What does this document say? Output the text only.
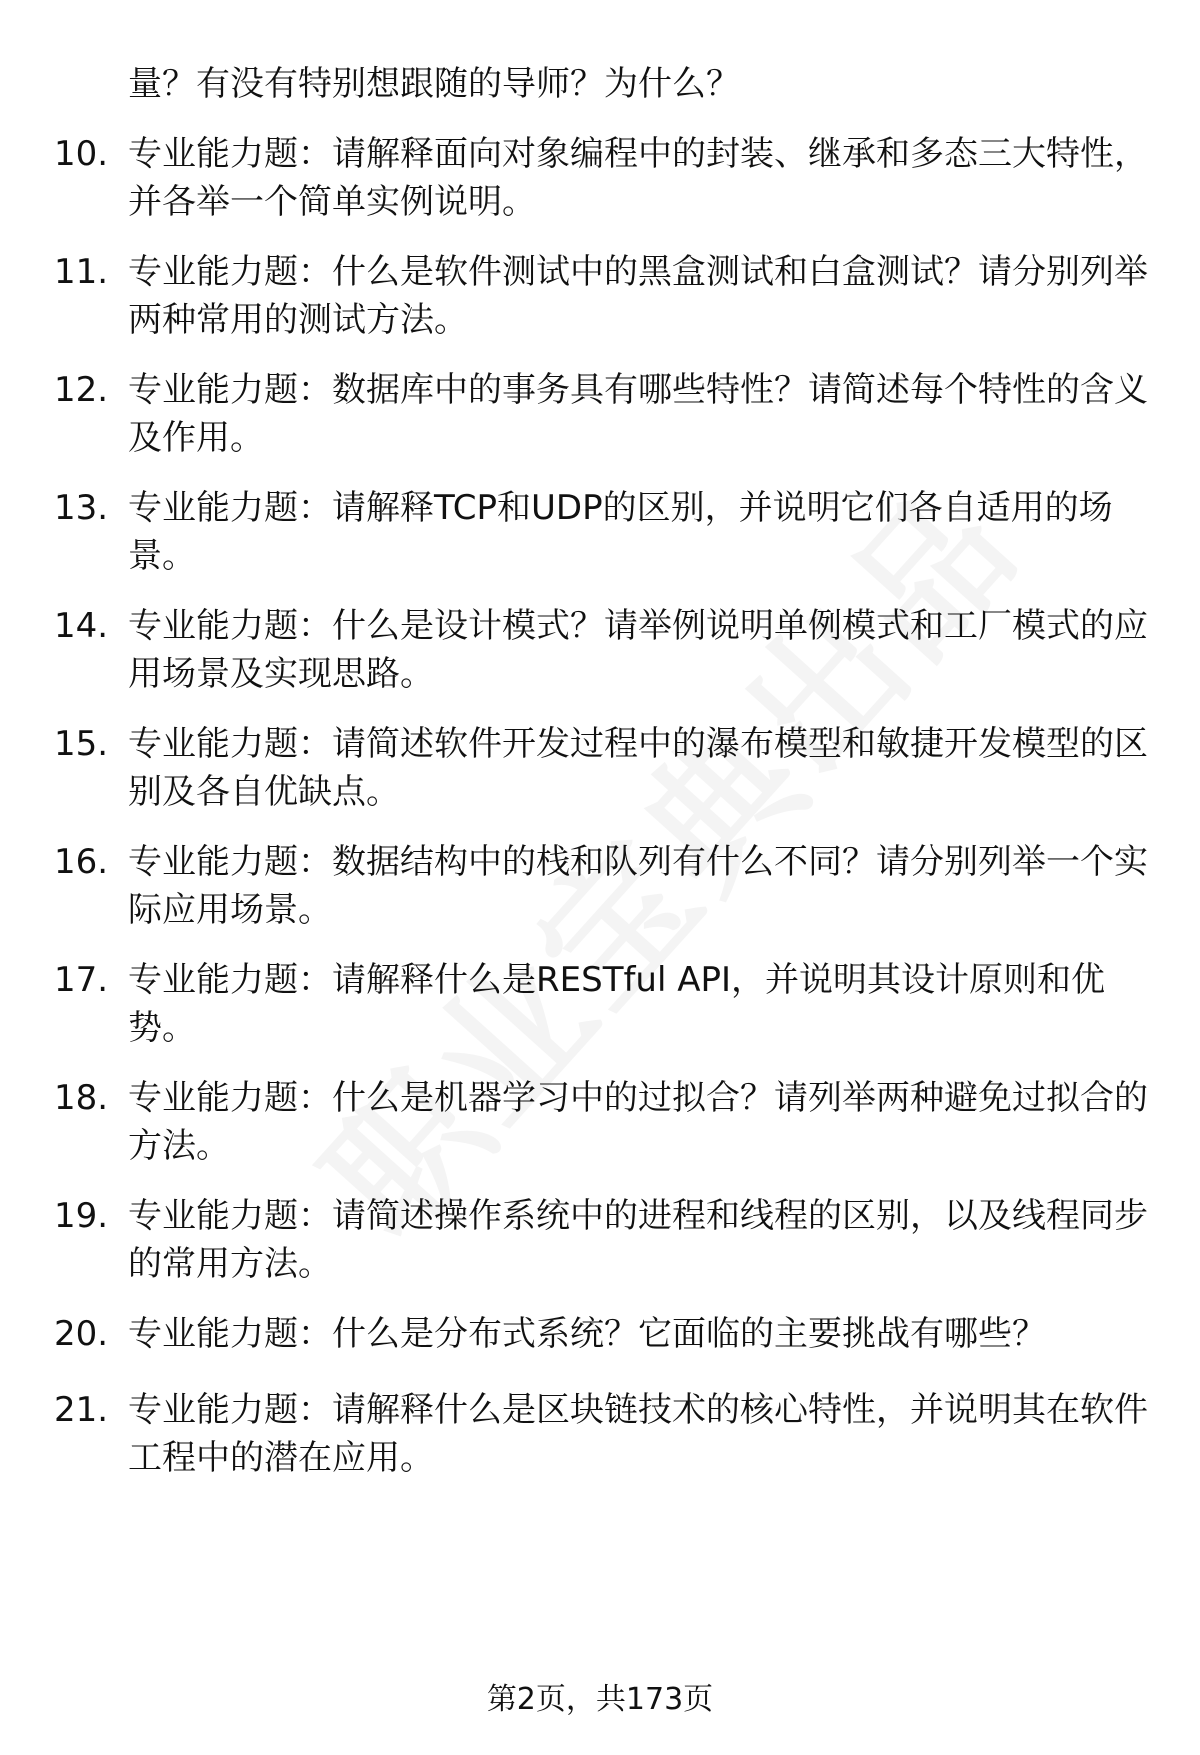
量？有没有特别想跟随的导师？为什么？
10. 专业能力题：请解释面向对象编程中的封装、继承和多态三大特性，并各举一个简单实例说明。
11. 专业能力题：什么是软件测试中的黑盒测试和白盒测试？请分别列举两种常用的测试方法。
12. 专业能力题：数据库中的事务具有哪些特性？请简述每个特性的含义及作用。
13. 专业能力题：请解释TCP和UDP的区别，并说明它们各自适用的场景。
14. 专业能力题：什么是设计模式？请举例说明单例模式和工厂模式的应用场景及实现思路。
15. 专业能力题：请简述软件开发过程中的瀑布模型和敏捷开发模型的区别及各自优缺点。
16. 专业能力题：数据结构中的栈和队列有什么不同？请分别列举一个实际应用场景。
17. 专业能力题：请解释什么是RESTful API，并说明其设计原则和优势。
18. 专业能力题：什么是机器学习中的过拟合？请列举两种避免过拟合的方法。
19. 专业能力题：请简述操作系统中的进程和线程的区别，以及线程同步的常用方法。
20. 专业能力题：什么是分布式系统？它面临的主要挑战有哪些？
21. 专业能力题：请解释什么是区块链技术的核心特性，并说明其在软件工程中的潜在应用。
第2页，共173页
